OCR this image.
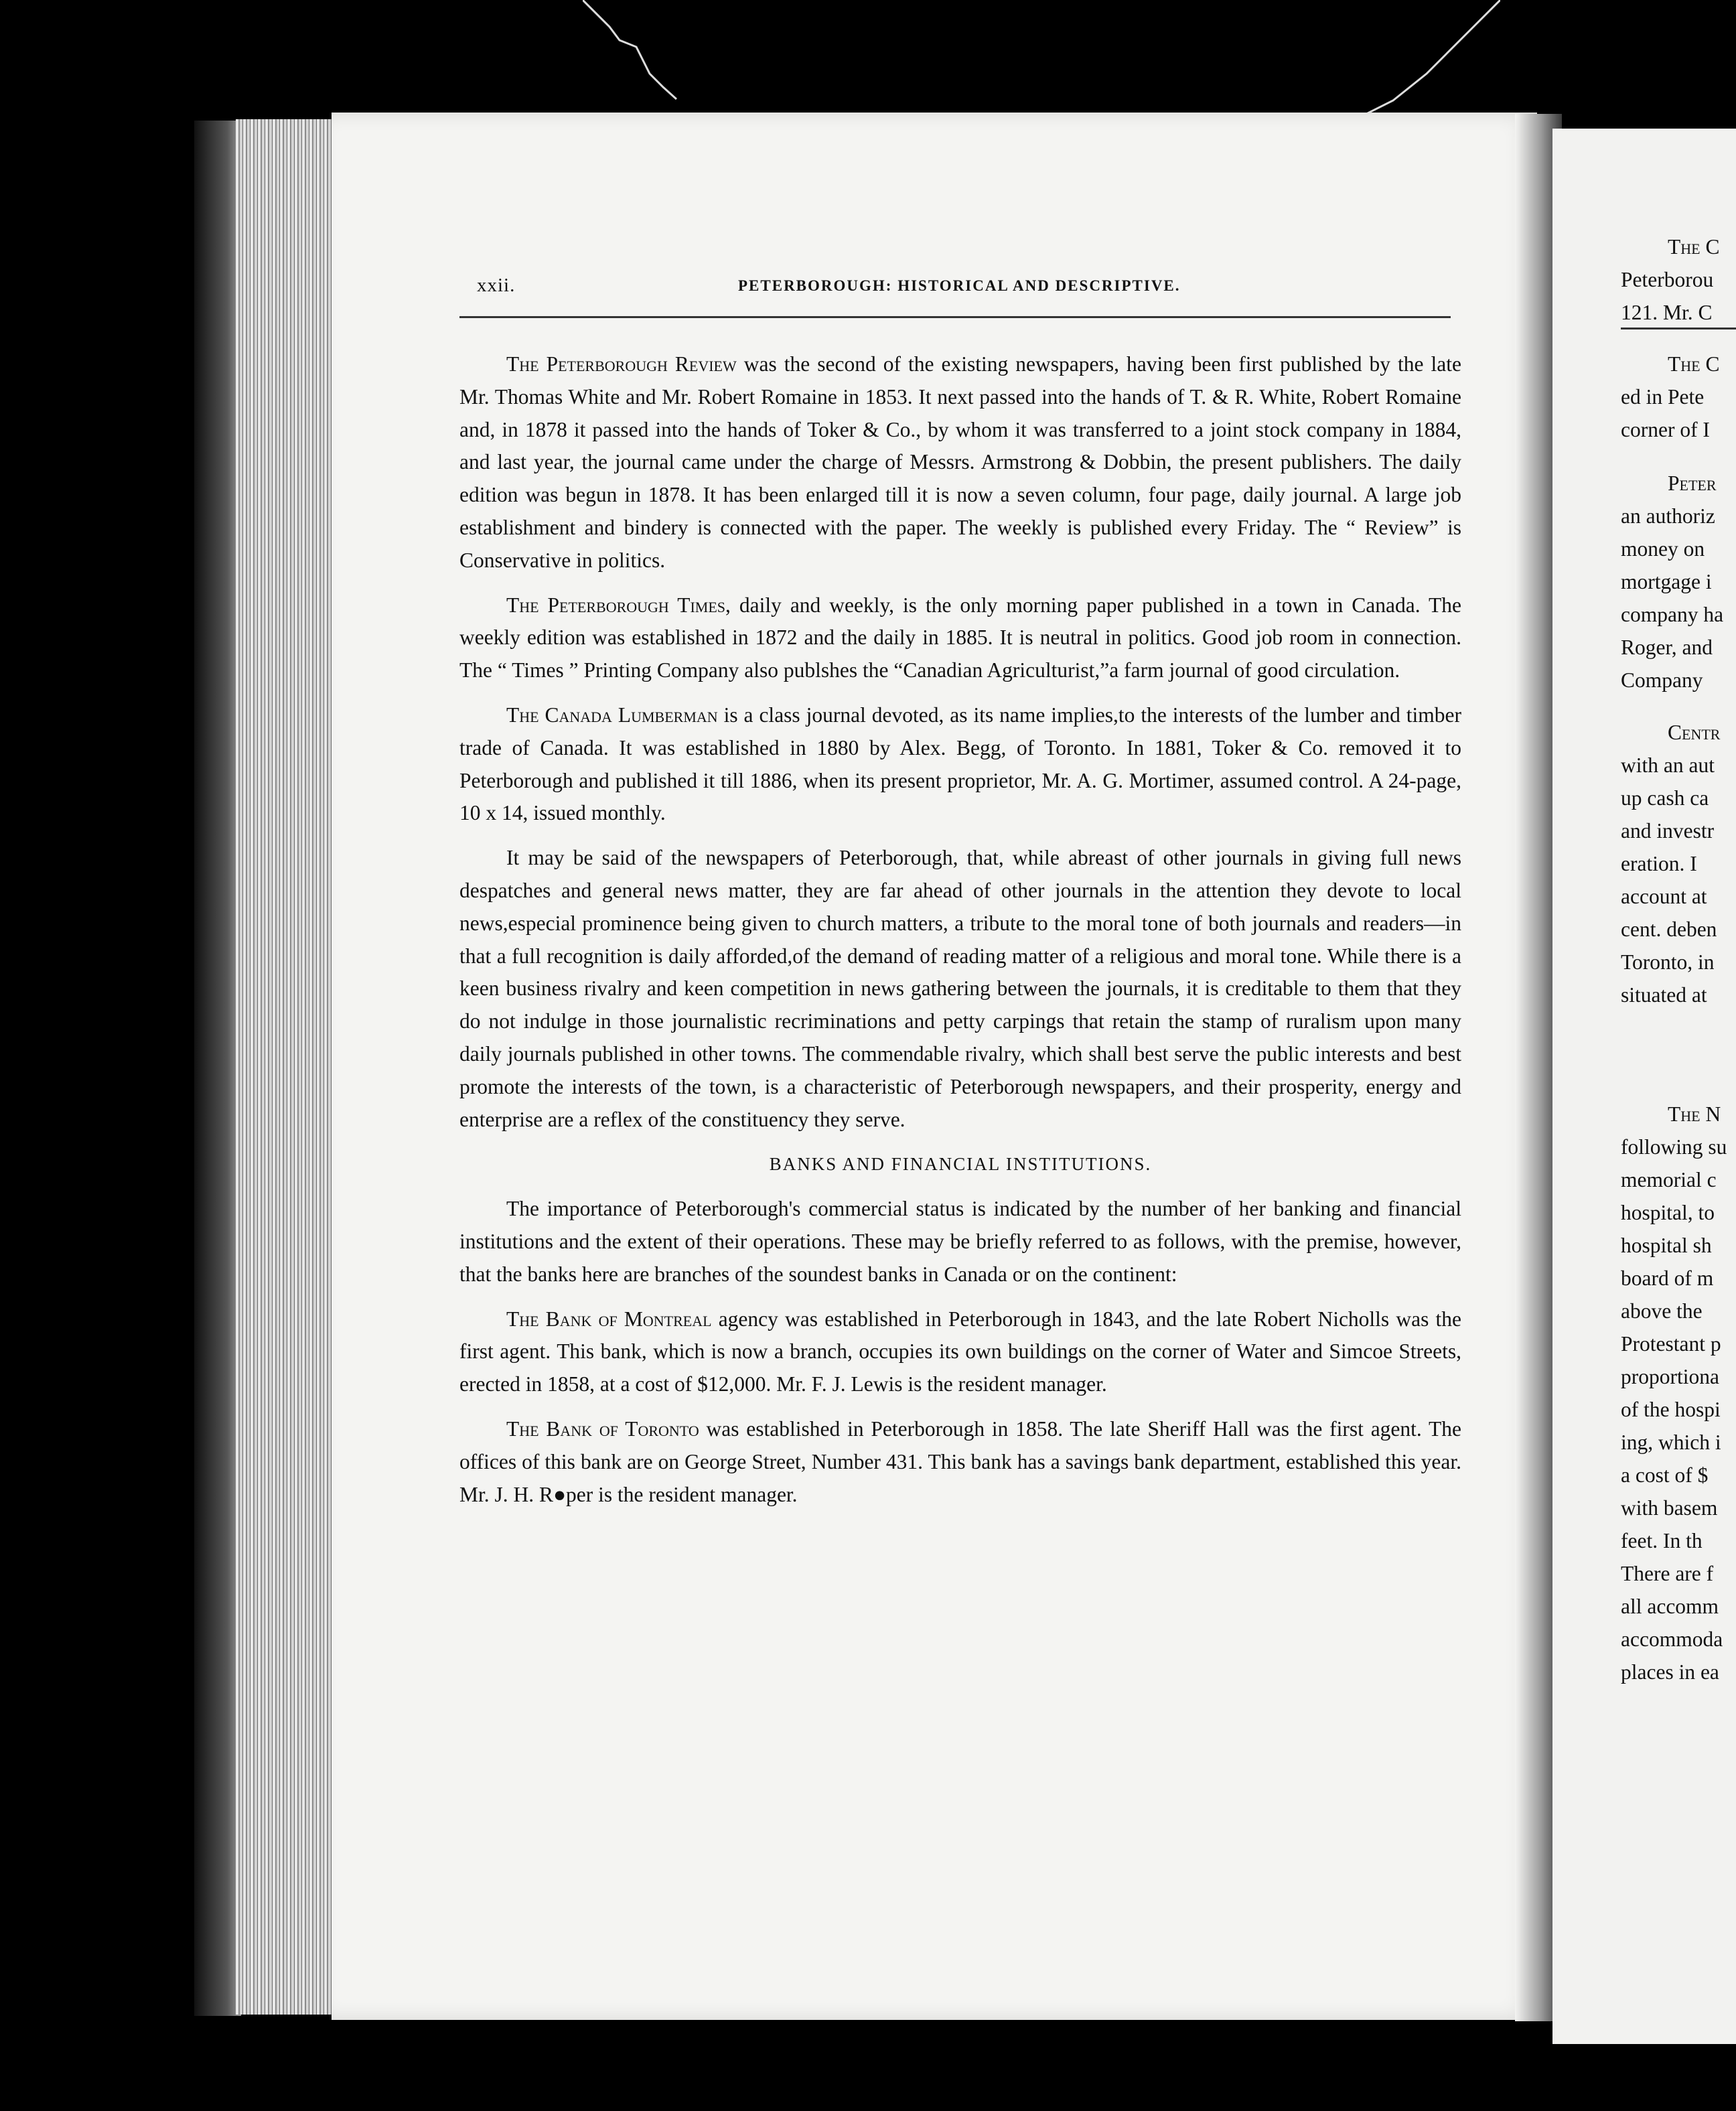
The C
Peterborou
121. Mr. C
The C
ed in Pete
corner of I
Peter
an authoriz
money on
mortgage i
company ha
Roger, and
Company
Centr
with an aut
up cash ca
and investr
eration. I
account at
cent. deben
Toronto, in
situated at
The N
following su
memorial c
hospital, to
hospital sh
board of m
above the
Protestant p
proportiona
of the hospi
ing, which i
a cost of $
with basem
feet. In th
There are f
all accomm
accommoda
places in ea
xxii.	PETERBOROUGH: HISTORICAL AND DESCRIPTIVE.

The Peterborough Review was the second of the existing newspapers, having been first published by the late Mr. Thomas White and Mr. Robert Romaine in 1853. It next passed into the hands of T. & R. White, Robert Romaine and, in 1878 it passed into the hands of Toker & Co., by whom it was transferred to a joint stock company in 1884, and last year, the journal came under the charge of Messrs. Armstrong & Dobbin, the present publishers. The daily edition was begun in 1878. It has been enlarged till it is now a seven column, four page, daily journal. A large job establishment and bindery is connected with the paper. The weekly is published every Friday. The “ Review” is Conservative in politics.

The Peterborough Times, daily and weekly, is the only morning paper published in a town in Canada. The weekly edition was established in 1872 and the daily in 1885. It is neutral in politics. Good job room in connection. The “ Times ” Printing Company also publshes the “Canadian Agriculturist,”a farm journal of good circulation.

The Canada Lumberman is a class journal devoted, as its name implies,to the interests of the lumber and timber trade of Canada. It was established in 1880 by Alex. Begg, of Toronto. In 1881, Toker & Co. removed it to Peterborough and published it till 1886, when its present proprietor, Mr. A. G. Mortimer, assumed control. A 24-page, 10 x 14, issued monthly.

It may be said of the newspapers of Peterborough, that, while abreast of other journals in giving full news despatches and general news matter, they are far ahead of other journals in the attention they devote to local news,especial prominence being given to church matters, a tribute to the moral tone of both journals and readers—in that a full recognition is daily afforded,of the demand of reading matter of a religious and moral tone. While there is a keen business rivalry and keen competition in news gathering between the journals, it is creditable to them that they do not indulge in those journalistic recriminations and petty carpings that retain the stamp of ruralism upon many daily journals published in other towns. The commendable rivalry, which shall best serve the public interests and best promote the interests of the town, is a characteristic of Peterborough newspapers, and their prosperity, energy and enterprise are a reflex of the constituency they serve.

BANKS AND FINANCIAL INSTITUTIONS.

The importance of Peterborough's commercial status is indicated by the number of her banking and financial institutions and the extent of their operations. These may be briefly referred to as follows, with the premise, however, that the banks here are branches of the soundest banks in Canada or on the continent:

The Bank of Montreal agency was established in Peterborough in 1843, and the late Robert Nicholls was the first agent. This bank, which is now a branch, occupies its own buildings on the corner of Water and Simcoe Streets, erected in 1858, at a cost of $12,000. Mr. F. J. Lewis is the resident manager.

The Bank of Toronto was established in Peterborough in 1858. The late Sheriff Hall was the first agent. The offices of this bank are on George Street, Number 431. This bank has a savings bank department, established this year. Mr. J. H. R●per is the resident manager.
